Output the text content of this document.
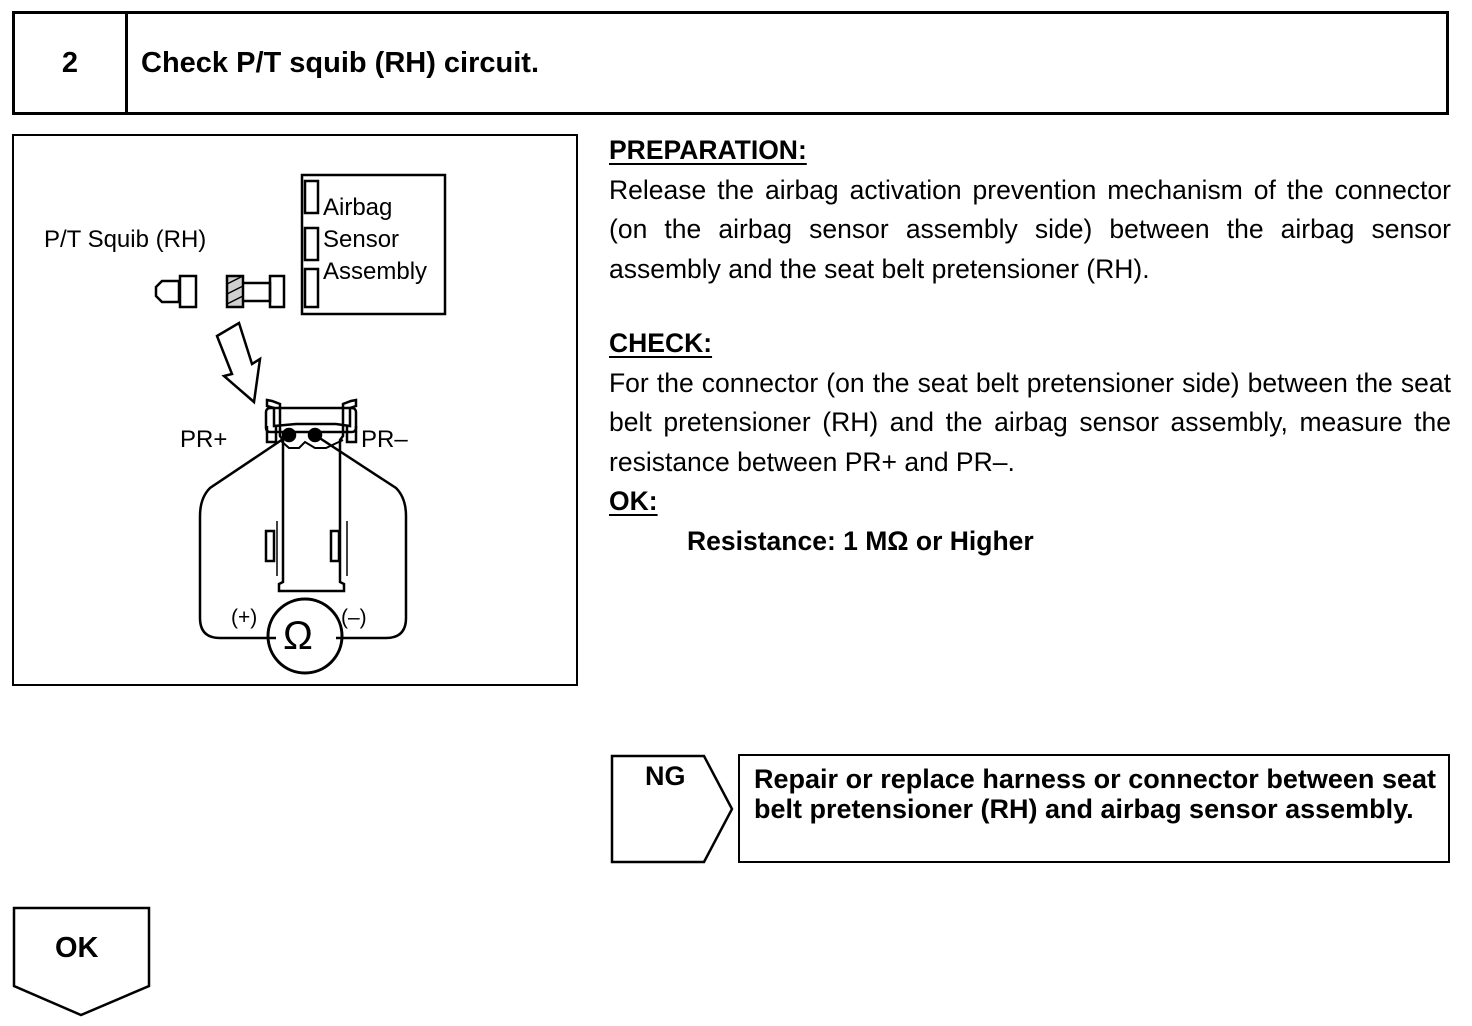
2	Check P/T squib (RH) circuit.
P/T Squib (RH)
Airbag
Sensor
Assembly
PR+	PR–
(+)	(–)
Ω
PREPARATION:
Release the airbag activation prevention mechanism of the connector (on the airbag sensor assembly side) between the airbag sensor assembly and the seat belt pretensioner (RH).
CHECK:
For the connector (on the seat belt pretensioner side) between the seat belt pretensioner (RH) and the airbag sensor assembly, measure the resistance between PR+ and PR–.
OK:
Resistance: 1 MΩ or Higher
NG	Repair or replace harness or connector between seat belt pretensioner (RH) and airbag sensor assembly.
OK
